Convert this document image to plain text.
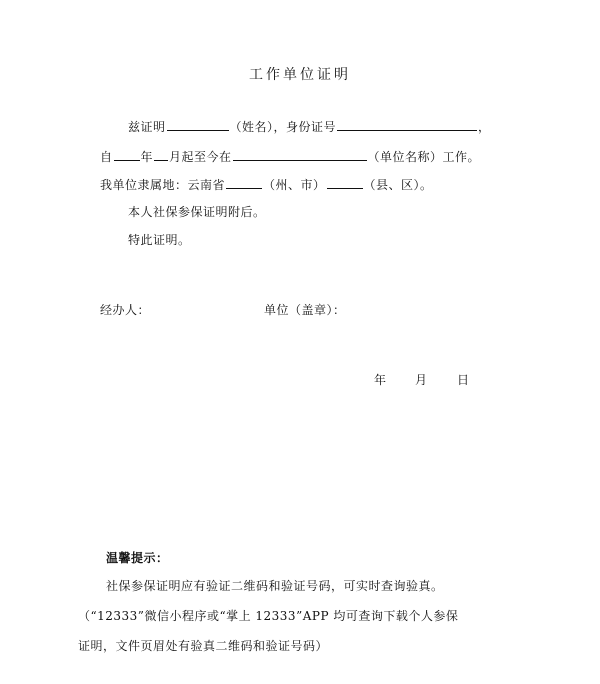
工作单位证明
兹证明	（姓名），身份证号	，
自 年 月起至今在	（单位名称）工作。
我单位隶属地：云南省	（州、市）	（县、区）。
本人社保参保证明附后。
特此证明。
经办人：	单位（盖章）：
年 月 日
温馨提示：
社保参保证明应有验证二维码和验证号码，可实时查询验真。
（“12333”微信小程序或“掌上 12333”APP 均可查询下载个人参保
证明，文件页眉处有验真二维码和验证号码）
